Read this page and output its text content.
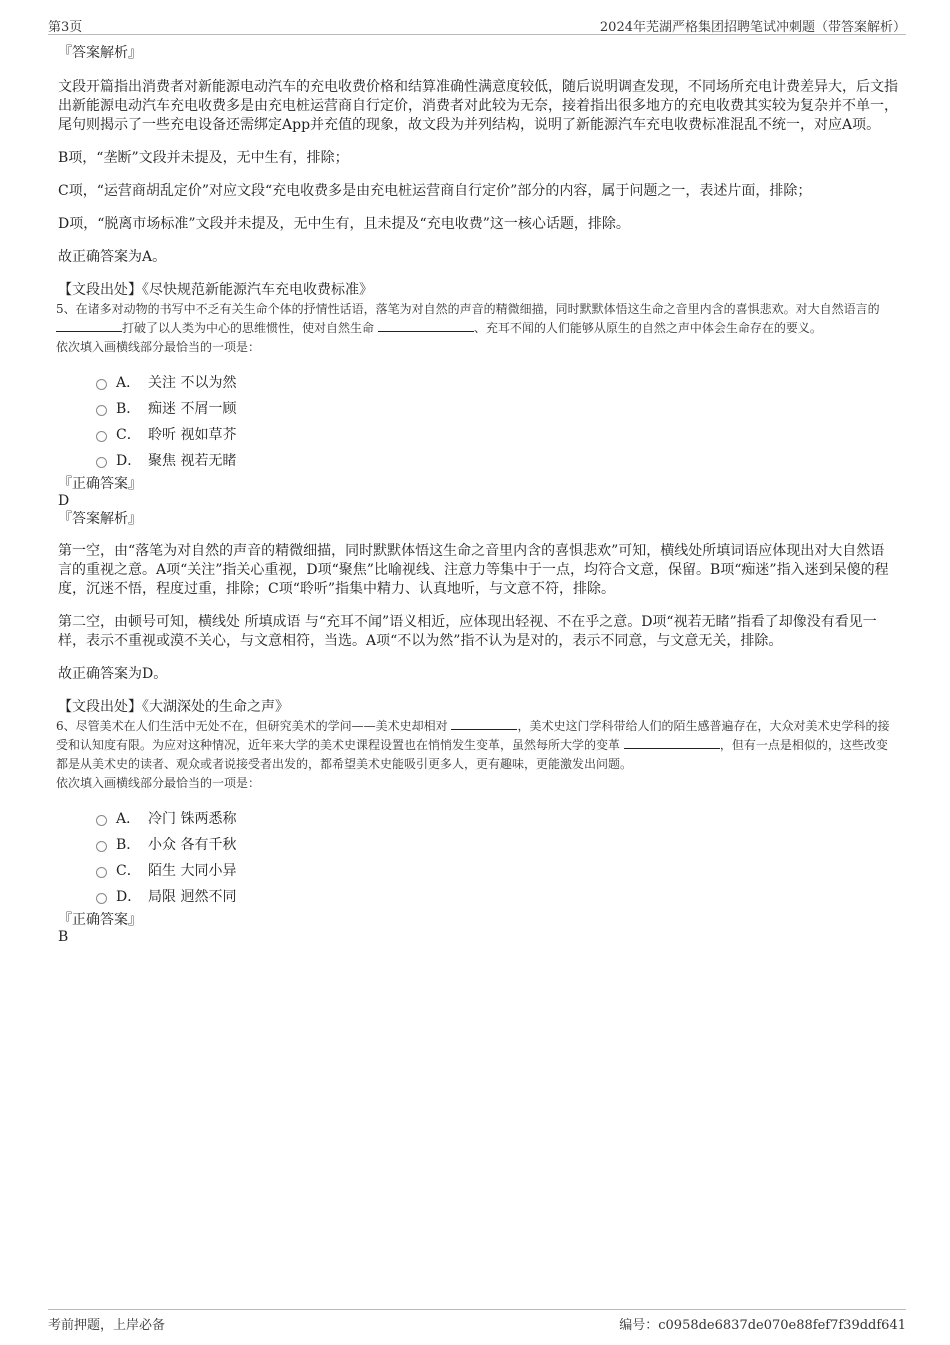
第3页	2024年芜湖严格集团招聘笔试冲刺题（带答案解析）
『答案解析』

文段开篇指出消费者对新能源电动汽车的充电收费价格和结算准确性满意度较低，随后说明调查发现，不同场所充电计费差异大，后文指出新能源电动汽车充电收费多是由充电桩运营商自行定价，消费者对此较为无奈，接着指出很多地方的充电收费其实较为复杂并不单一，尾句则揭示了一些充电设备还需绑定App并充值的现象，故文段为并列结构，说明了新能源汽车充电收费标准混乱不统一，对应A项。

B项，“垄断”文段并未提及，无中生有，排除；

C项，“运营商胡乱定价”对应文段“充电收费多是由充电桩运营商自行定价”部分的内容，属于问题之一，表述片面，排除；

D项，“脱离市场标准”文段并未提及，无中生有，且未提及“充电收费”这一核心话题，排除。

故正确答案为A。

【文段出处】《尽快规范新能源汽车充电收费标准》

5、在诸多对动物的书写中不乏有关生命个体的抒情性话语，落笔为对自然的声音的精微细描，同时默默体悟这生命之音里内含的喜惧悲欢。对大自然语言的 打破了以人类为中心的思维惯性，使对自然生命	、充耳不闻的人们能够从原生的自然之声中体会生命存在的要义。

依次填入画横线部分最恰当的一项是：

A． 关注 不以为然
B． 痴迷 不屑一顾
C． 聆听 视如草芥
D． 聚焦 视若无睹
『正确答案』
D
『答案解析』

第一空，由“落笔为对自然的声音的精微细描，同时默默体悟这生命之音里内含的喜惧悲欢”可知，横线处所填词语应体现出对大自然语言的重视之意。A项“关注”指关心重视，D项“聚焦”比喻视线、注意力等集中于一点，均符合文意，保留。B项“痴迷”指入迷到呆傻的程度，沉迷不悟，程度过重，排除；C项“聆听”指集中精力、认真地听，与文意不符，排除。

第二空，由顿号可知，横线处 所填成语 与“充耳不闻”语义相近，应体现出轻视、不在乎之意。D项“视若无睹”指看了却像没有看见一样，表示不重视或漠不关心，与文意相符，当选。A项“不以为然”指不认为是对的，表示不同意，与文意无关，排除。

故正确答案为D。

【文段出处】《大湖深处的生命之声》

6、尽管美术在人们生活中无处不在，但研究美术的学问——美术史却相对	，美术史这门学科带给人们的陌生感普遍存在，大众对美术史学科的接受和认知度有限。为应对这种情况，近年来大学的美术史课程设置也在悄悄发生变革，虽然每所大学的变革	，但有一点是相似的，这些改变都是从美术史的读者、观众或者说接受者出发的，都希望美术史能吸引更多人，更有趣味，更能激发出问题。

依次填入画横线部分最恰当的一项是：

A． 冷门 铢两悉称
B． 小众 各有千秋
C． 陌生 大同小异
D． 局限 迥然不同
『正确答案』
B
考前押题，上岸必备	编号：c0958de6837de070e88fef7f39ddf641
